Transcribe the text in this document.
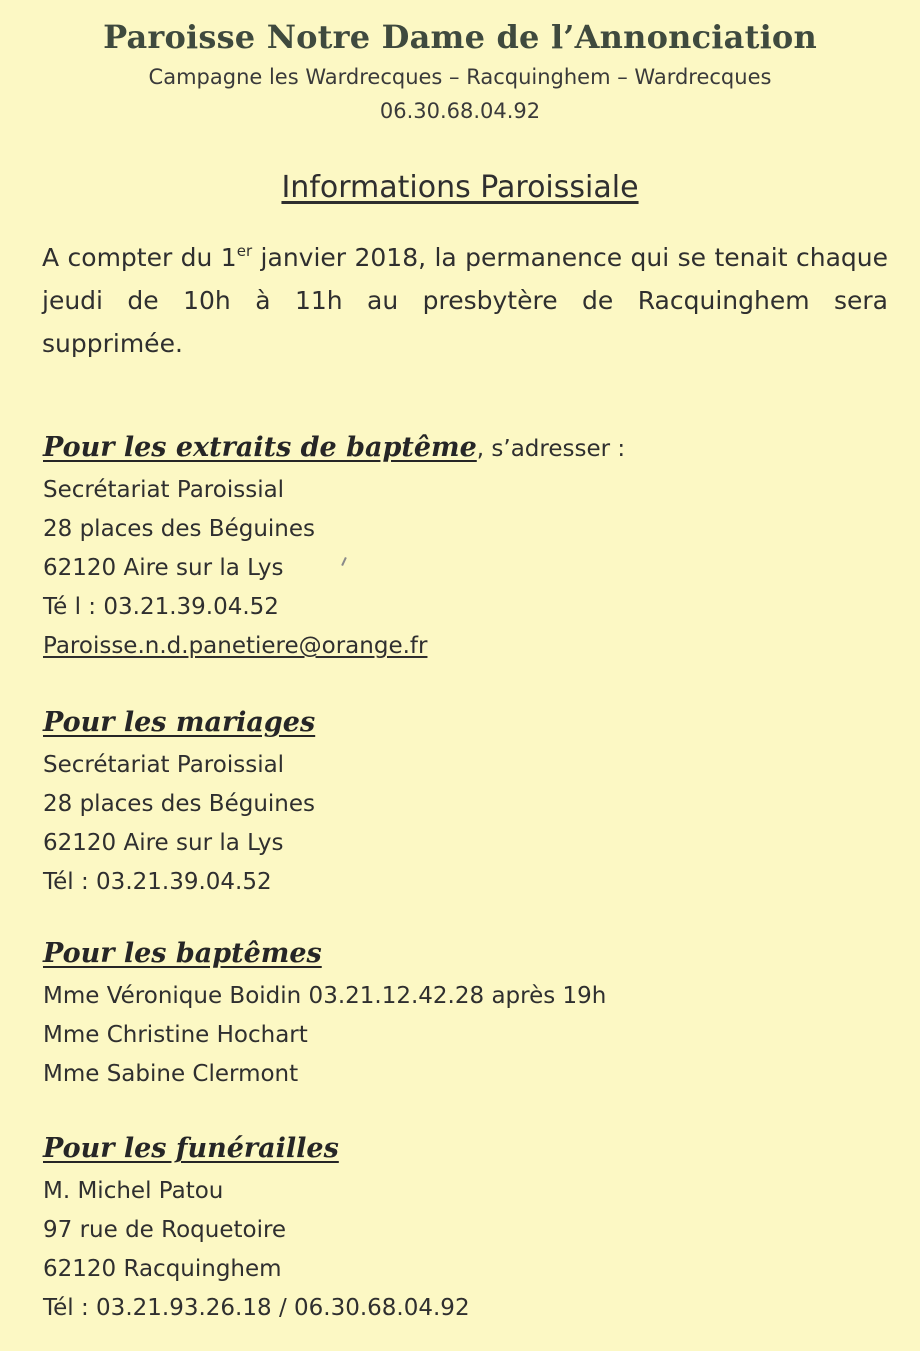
Paroisse Notre Dame de l’Annonciation

Campagne les Wardrecques – Racquinghem – Wardrecques

06.30.68.04.92

Informations Paroissiale

A compter du 1er janvier 2018, la permanence qui se tenait chaque jeudi de 10h à 11h au presbytère de Racquinghem sera supprimée.

Pour les extraits de baptême, s’adresser :
Secrétariat Paroissial
28 places des Béguines
62120 Aire sur la Lys
Té l : 03.21.39.04.52
Paroisse.n.d.panetiere@orange.fr
Pour les mariages
Secrétariat Paroissial
28 places des Béguines
62120 Aire sur la Lys
Tél : 03.21.39.04.52
Pour les baptêmes
Mme Véronique Boidin 03.21.12.42.28 après 19h
Mme Christine Hochart
Mme Sabine Clermont
Pour les funérailles
M. Michel Patou
97 rue de Roquetoire
62120 Racquinghem
Tél : 03.21.93.26.18 / 06.30.68.04.92
